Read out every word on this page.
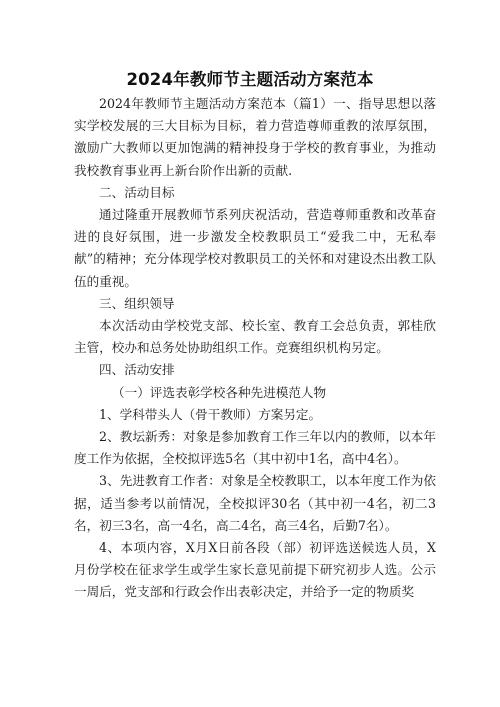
2024年教师节主题活动方案范本

2024年教师节主题活动方案范本（篇1）一、指导思想以落实学校发展的三大目标为目标，着力营造尊师重教的浓厚氛围，激励广大教师以更加饱满的精神投身于学校的教育事业，为推动我校教育事业再上新台阶作出新的贡献.

二、活动目标

通过隆重开展教师节系列庆祝活动，营造尊师重教和改革奋进的良好氛围，进一步激发全校教职员工“爱我二中，无私奉献”的精神；充分体现学校对教职员工的关怀和对建设杰出教工队伍的重视。

三、组织领导

本次活动由学校党支部、校长室、教育工会总负责，郭桂欣主管，校办和总务处协助组织工作。竞赛组织机构另定。

四、活动安排

（一）评选表彰学校各种先进模范人物

1、学科带头人（骨干教师）方案另定。

2、教坛新秀：对象是参加教育工作三年以内的教师，以本年度工作为依据，全校拟评选5名（其中初中1名，高中4名）。

3、先进教育工作者：对象是全校教职工，以本年度工作为依据，适当参考以前情况，全校拟评30名（其中初一4名，初二3名，初三3名，高一4名，高二4名，高三4名，后勤7名）。

4、本项内容，X月X日前各段（部）初评选送候选人员，X月份学校在征求学生或学生家长意见前提下研究初步人选。公示一周后，党支部和行政会作出表彰决定，并给予一定的物质奖
